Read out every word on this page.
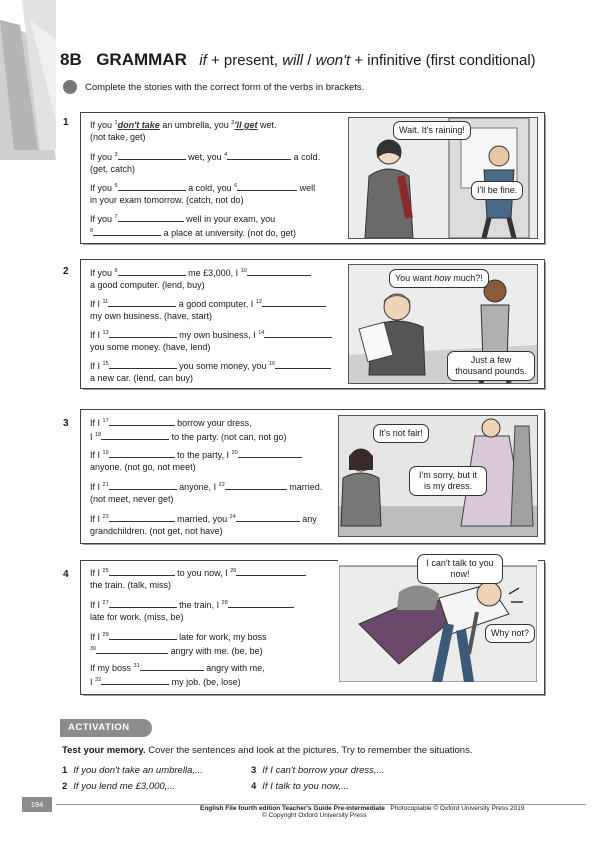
8B GRAMMAR if + present, will / won't + infinitive (first conditional)
Complete the stories with the correct form of the verbs in brackets.
1 If you $^1$don't take an umbrella, you $^2$'ll get wet.
(not take, get)
If you $^3$	wet, you $^4$	a cold.
(get, catch)
If you $^5$	a cold, you $^6$	well
in your exam tomorrow. (catch, not do)
If you $^7$	well in your exam, you
$^8$	a place at university. (not do, get)
Wait. It's raining!
I'll be fine.
2 If you $^9$	me £3,000, I $^{10}$
a good computer. (lend, buy)
If I $^{11}$	a good computer, I $^{12}$
my own business. (have, start)
If I $^{13}$	my own business, I $^{14}$
you some money. (have, lend)
If I $^{15}$	you some money, you $^{16}$
a new car. (lend, can buy)
You want how much?!
Just a few thousand pounds.
3 If I $^{17}$	borrow your dress,
I $^{18}$	to the party. (not can, not go)
If I $^{19}$	to the party, I $^{20}$
anyone. (not go, not meet)
If I $^{21}$	anyone, I $^{22}$	married.
(not meet, never get)
If I $^{23}$	married, you $^{24}$	any
grandchildren. (not get, not have)
It's not fair!
I'm sorry, but it is my dress.
4 If I $^{25}$	to you now, I $^{26}$
the train. (talk, miss)
If I $^{27}$	the train, I $^{28}$
late for work. (miss, be)
If I $^{29}$	late for work, my boss
$^{30}$	angry with me. (be, be)
If my boss $^{31}$	angry with me,
I $^{32}$	my job. (be, lose)
I can't talk to you now!
Why not?
ACTIVATION
Test your memory. Cover the sentences and look at the pictures. Try to remember the situations.
1 If you don't take an umbrella,...
2 If you lend me £3,000,...
3 If I can't borrow your dress,...
4 If I talk to you now,...
194	English File fourth edition Teacher's Guide Pre-intermediate Photocopiable © Oxford University Press 2019
© Copyright Oxford University Press
